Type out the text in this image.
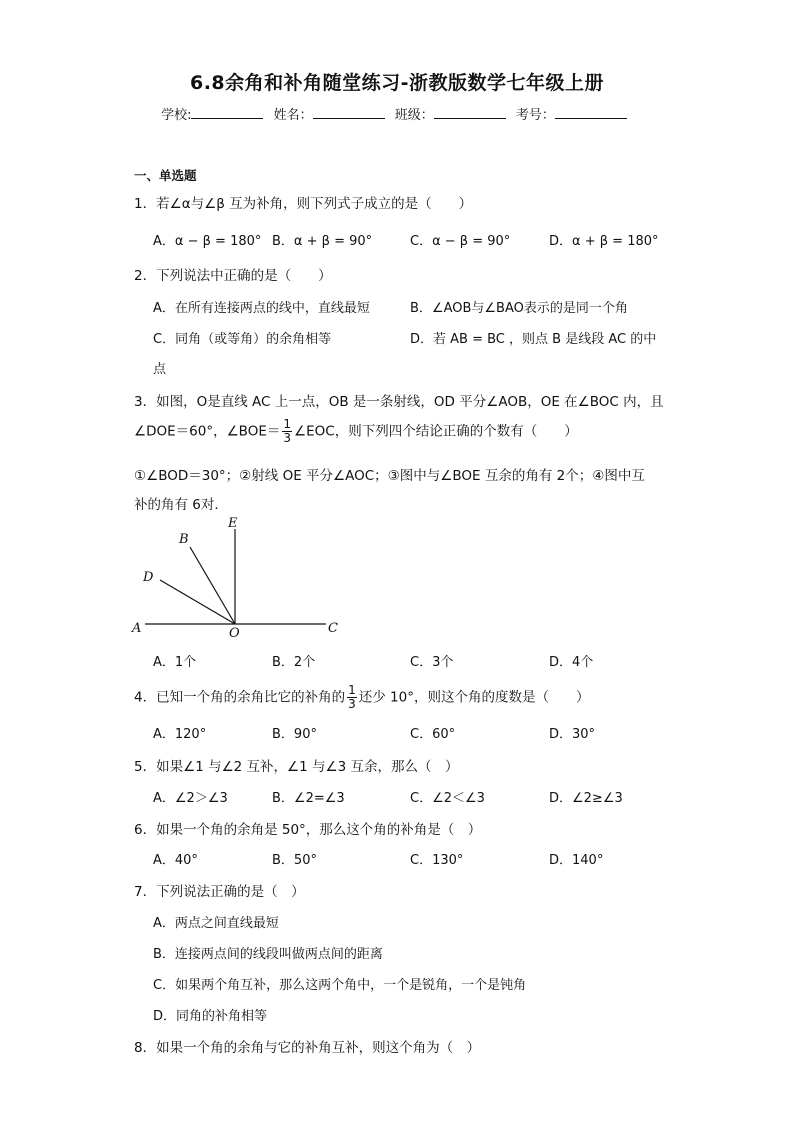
6.8余角和补角随堂练习-浙教版数学七年级上册
学校:	姓名：	班级：	考号：
一、单选题
1．若∠α与∠β 互为补角，则下列式子成立的是（　　）
A．α − β = 180° B．α + β = 90°	C．α − β = 90°	D．α + β = 180°
2．下列说法中正确的是（　　）
A．在所有连接两点的线中，直线最短	B．∠AOB与∠BAO表示的是同一个角
C．同角（或等角）的余角相等	D．若 AB = BC ，则点 B 是线段 AC 的中
点
3．如图，O是直线 AC 上一点，OB 是一条射线，OD 平分∠AOB，OE 在∠BOC 内，且
∠DOE＝60°，∠BOE＝ $\frac{1}{3}$ ∠EOC，则下列四个结论正确的个数有（　　）
①∠BOD＝30°；②射线 OE 平分∠AOC；③图中与∠BOE 互余的角有 2个；④图中互
补的角有 6对．
E
B
D
A	O	C
A．1个	B．2个	C．3个	D．4个
4．已知一个角的余角比它的补角的 $\frac{1}{3}$ 还少 10°，则这个角的度数是（　　）
A．120°	B．90°	C．60°	D．30°
5．如果∠1 与∠2 互补，∠1 与∠3 互余，那么（　）
A．∠2＞∠3	B．∠2=∠3	C．∠2＜∠3	D．∠2≥∠3
6．如果一个角的余角是 50°，那么这个角的补角是（　）
A．40°	B．50°	C．130°	D．140°
7．下列说法正确的是（　）
A．两点之间直线最短
B．连接两点间的线段叫做两点间的距离
C．如果两个角互补，那么这两个角中，一个是锐角，一个是钝角
D．同角的补角相等
8．如果一个角的余角与它的补角互补，则这个角为（　）
